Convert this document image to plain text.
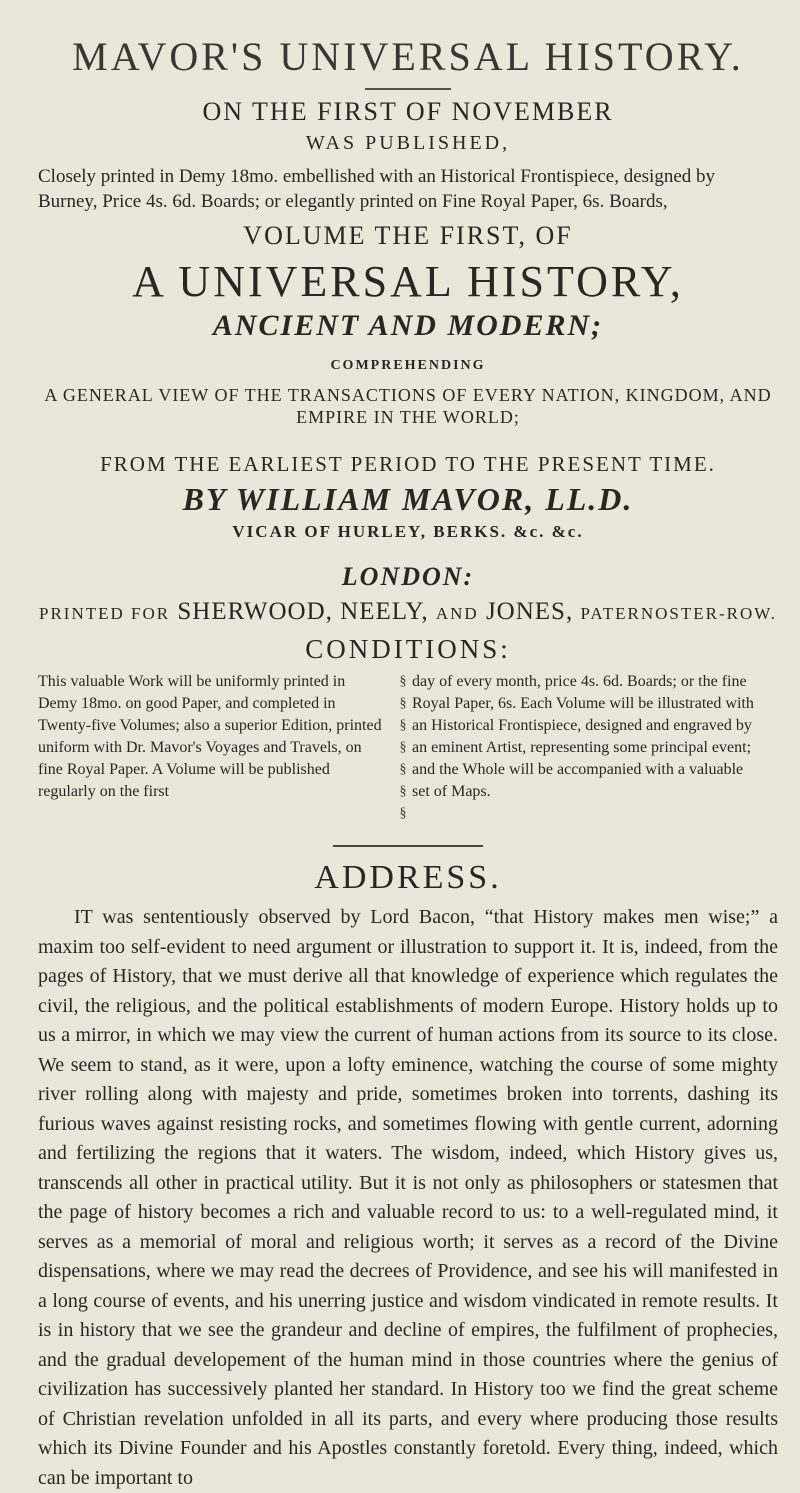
MAVOR'S UNIVERSAL HISTORY.
ON THE FIRST OF NOVEMBER
WAS PUBLISHED,
Closely printed in Demy 18mo. embellished with an Historical Frontispiece, designed by Burney, Price 4s. 6d. Boards; or elegantly printed on Fine Royal Paper, 6s. Boards,
VOLUME THE FIRST, OF
A UNIVERSAL HISTORY,
ANCIENT AND MODERN;
COMPREHENDING
A GENERAL VIEW OF THE TRANSACTIONS OF EVERY NATION, KINGDOM, AND EMPIRE IN THE WORLD;
FROM THE EARLIEST PERIOD TO THE PRESENT TIME.
BY WILLIAM MAVOR, LL.D.
VICAR OF HURLEY, BERKS. &c. &c.
LONDON:
PRINTED FOR SHERWOOD, NEELY, AND JONES, PATERNOSTER-ROW.
CONDITIONS:

This valuable Work will be uniformly printed in Demy 18mo. on good Paper, and completed in Twenty-five Volumes; also a superior Edition, printed uniform with Dr. Mavor's Voyages and Travels, on fine Royal Paper. A Volume will be published regularly on the first

§
§
§
§
§
§
§

day of every month, price 4s. 6d. Boards; or the fine Royal Paper, 6s. Each Volume will be illustrated with an Historical Frontispiece, designed and engraved by an eminent Artist, representing some principal event; and the Whole will be accompanied with a valuable set of Maps.

ADDRESS.

IT was sententiously observed by Lord Bacon, “that History makes men wise;” a maxim too self-evident to need argument or illustration to support it. It is, indeed, from the pages of History, that we must derive all that knowledge of experience which regulates the civil, the religious, and the political establishments of modern Europe. History holds up to us a mirror, in which we may view the current of human actions from its source to its close. We seem to stand, as it were, upon a lofty eminence, watching the course of some mighty river rolling along with majesty and pride, sometimes broken into torrents, dashing its furious waves against resisting rocks, and sometimes flowing with gentle current, adorning and fertilizing the regions that it waters. The wisdom, indeed, which History gives us, transcends all other in practical utility. But it is not only as philosophers or statesmen that the page of history becomes a rich and valuable record to us: to a well-regulated mind, it serves as a memorial of moral and religious worth; it serves as a record of the Divine dispensations, where we may read the decrees of Providence, and see his will manifested in a long course of events, and his unerring justice and wisdom vindicated in remote results. It is in history that we see the grandeur and decline of empires, the fulfilment of prophecies, and the gradual developement of the human mind in those countries where the genius of civilization has successively planted her standard. In History too we find the great scheme of Christian revelation unfolded in all its parts, and every where producing those results which its Divine Founder and his Apostles constantly foretold. Every thing, indeed, which can be important to
